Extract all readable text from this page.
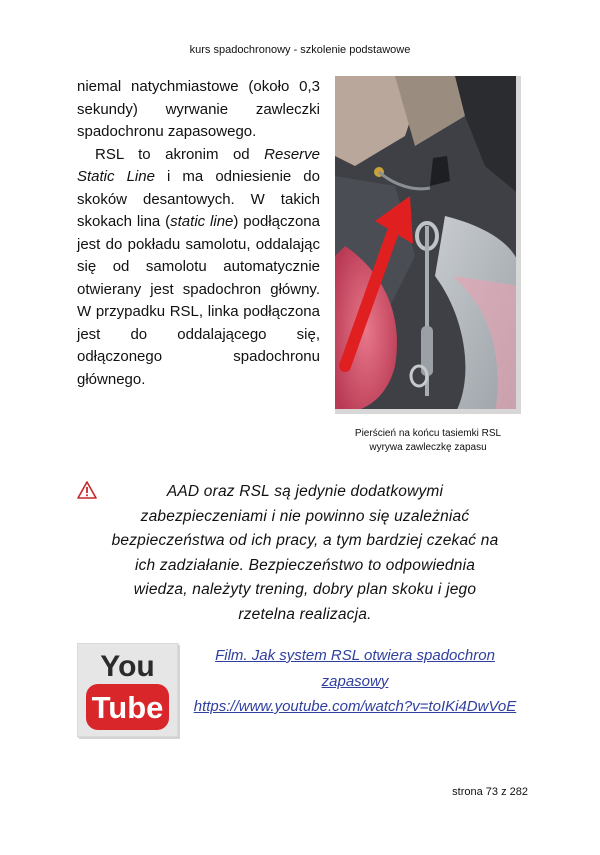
kurs spadochronowy - szkolenie podstawowe

niemal natychmiastowe (około 0,3 sekundy) wyrwanie zawleczki spadochronu zapasowego.

RSL to akronim od Reserve Static Line i ma odniesienie do skoków desantowych. W takich skokach lina (static line) podłączona jest do pokładu samolotu, oddalając się od samolotu automatycznie otwierany jest spadochron główny. W przypadku RSL, linka podłączona jest do oddalającego się, odłączonego spadochronu głównego.

Pierścień na końcu tasiemki RSL
wyrywa zawleczkę zapasu
AAD oraz RSL są jedynie dodatkowymi zabezpieczeniami i nie powinno się uzależniać bezpieczeństwa od ich pracy, a tym bardziej czekać na ich zadziałanie. Bezpieczeństwo to odpowiednia wiedza, należyty trening, dobry plan skoku i jego rzetelna realizacja.
You
Tube
Film. Jak system RSL otwiera spadochron
zapasowy
https://www.youtube.com/watch?v=toIKi4DwVoE
strona 73 z 282
